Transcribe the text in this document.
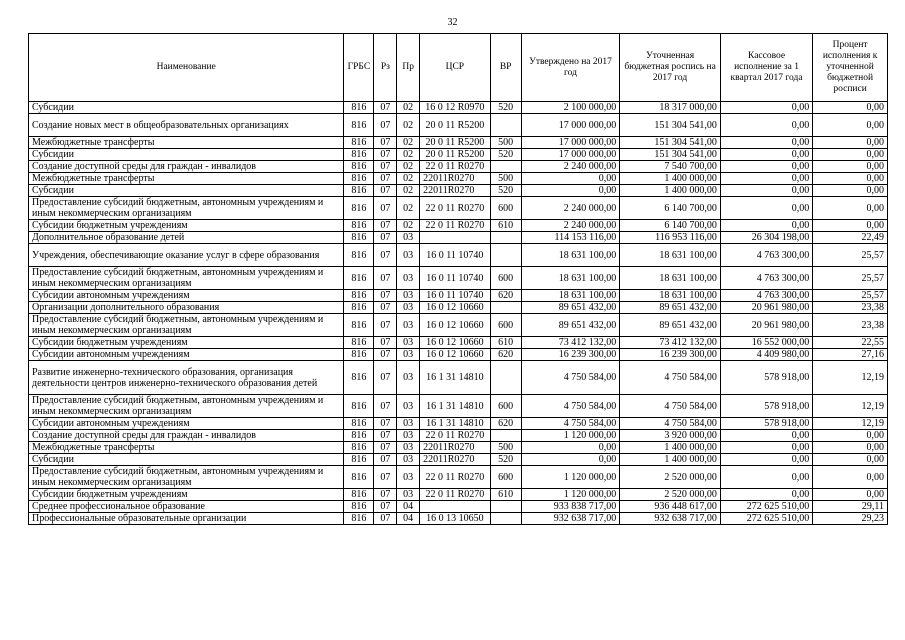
32
Наименование	ГРБС	Рз	Пр	ЦСР	ВР	Утверждено на 2017 год	Уточненная бюджетная роспись на 2017 год	Кассовое исполнение за 1 квартал 2017 года	Процент исполнения к уточненной бюджетной росписи
Субсидии	816	07	02	16 0 12 R0970	520	2 100 000,00	18 317 000,00	0,00	0,00
Создание новых мест в общеобразовательных организациях	816	07	02	20 0 11 R5200		17 000 000,00	151 304 541,00	0,00	0,00
Межбюджетные трансферты	816	07	02	20 0 11 R5200	500	17 000 000,00	151 304 541,00	0,00	0,00
Субсидии	816	07	02	20 0 11 R5200	520	17 000 000,00	151 304 541,00	0,00	0,00
Создание доступной среды для граждан - инвалидов	816	07	02	22 0 11 R0270		2 240 000,00	7 540 700,00	0,00	0,00
Межбюджетные трансферты	816	07	02	22011R0270	500	0,00	1 400 000,00	0,00	0,00
Субсидии	816	07	02	22011R0270	520	0,00	1 400 000,00	0,00	0,00
Предоставление субсидий бюджетным, автономным учреждениям и иным некоммерческим организациям	816	07	02	22 0 11 R0270	600	2 240 000,00	6 140 700,00	0,00	0,00
Субсидии бюджетным учреждениям	816	07	02	22 0 11 R0270	610	2 240 000,00	6 140 700,00	0,00	0,00
Дополнительное образование детей	816	07	03			114 153 116,00	116 953 116,00	26 304 198,00	22,49
Учреждения, обеспечивающие оказание услуг в сфере образования	816	07	03	16 0 11 10740		18 631 100,00	18 631 100,00	4 763 300,00	25,57
Предоставление субсидий бюджетным, автономным учреждениям и иным некоммерческим организациям	816	07	03	16 0 11 10740	600	18 631 100,00	18 631 100,00	4 763 300,00	25,57
Субсидии автономным учреждениям	816	07	03	16 0 11 10740	620	18 631 100,00	18 631 100,00	4 763 300,00	25,57
Организации дополнительного образования	816	07	03	16 0 12 10660		89 651 432,00	89 651 432,00	20 961 980,00	23,38
Предоставление субсидий бюджетным, автономным учреждениям и иным некоммерческим организациям	816	07	03	16 0 12 10660	600	89 651 432,00	89 651 432,00	20 961 980,00	23,38
Субсидии бюджетным учреждениям	816	07	03	16 0 12 10660	610	73 412 132,00	73 412 132,00	16 552 000,00	22,55
Субсидии автономным учреждениям	816	07	03	16 0 12 10660	620	16 239 300,00	16 239 300,00	4 409 980,00	27,16
Развитие инженерно-технического образования, организация деятельности центров инженерно-технического образования детей	816	07	03	16 1 31 14810		4 750 584,00	4 750 584,00	578 918,00	12,19
Предоставление субсидий бюджетным, автономным учреждениям и иным некоммерческим организациям	816	07	03	16 1 31 14810	600	4 750 584,00	4 750 584,00	578 918,00	12,19
Субсидии автономным учреждениям	816	07	03	16 1 31 14810	620	4 750 584,00	4 750 584,00	578 918,00	12,19
Создание доступной среды для граждан - инвалидов	816	07	03	22 0 11 R0270		1 120 000,00	3 920 000,00	0,00	0,00
Межбюджетные трансферты	816	07	03	22011R0270	500	0,00	1 400 000,00	0,00	0,00
Субсидии	816	07	03	22011R0270	520	0,00	1 400 000,00	0,00	0,00
Предоставление субсидий бюджетным, автономным учреждениям и иным некоммерческим организациям	816	07	03	22 0 11 R0270	600	1 120 000,00	2 520 000,00	0,00	0,00
Субсидии бюджетным учреждениям	816	07	03	22 0 11 R0270	610	1 120 000,00	2 520 000,00	0,00	0,00
Среднее профессиональное образование	816	07	04			933 838 717,00	936 448 617,00	272 625 510,00	29,11
Профессиональные образовательные организации	816	07	04	16 0 13 10650		932 638 717,00	932 638 717,00	272 625 510,00	29,23
